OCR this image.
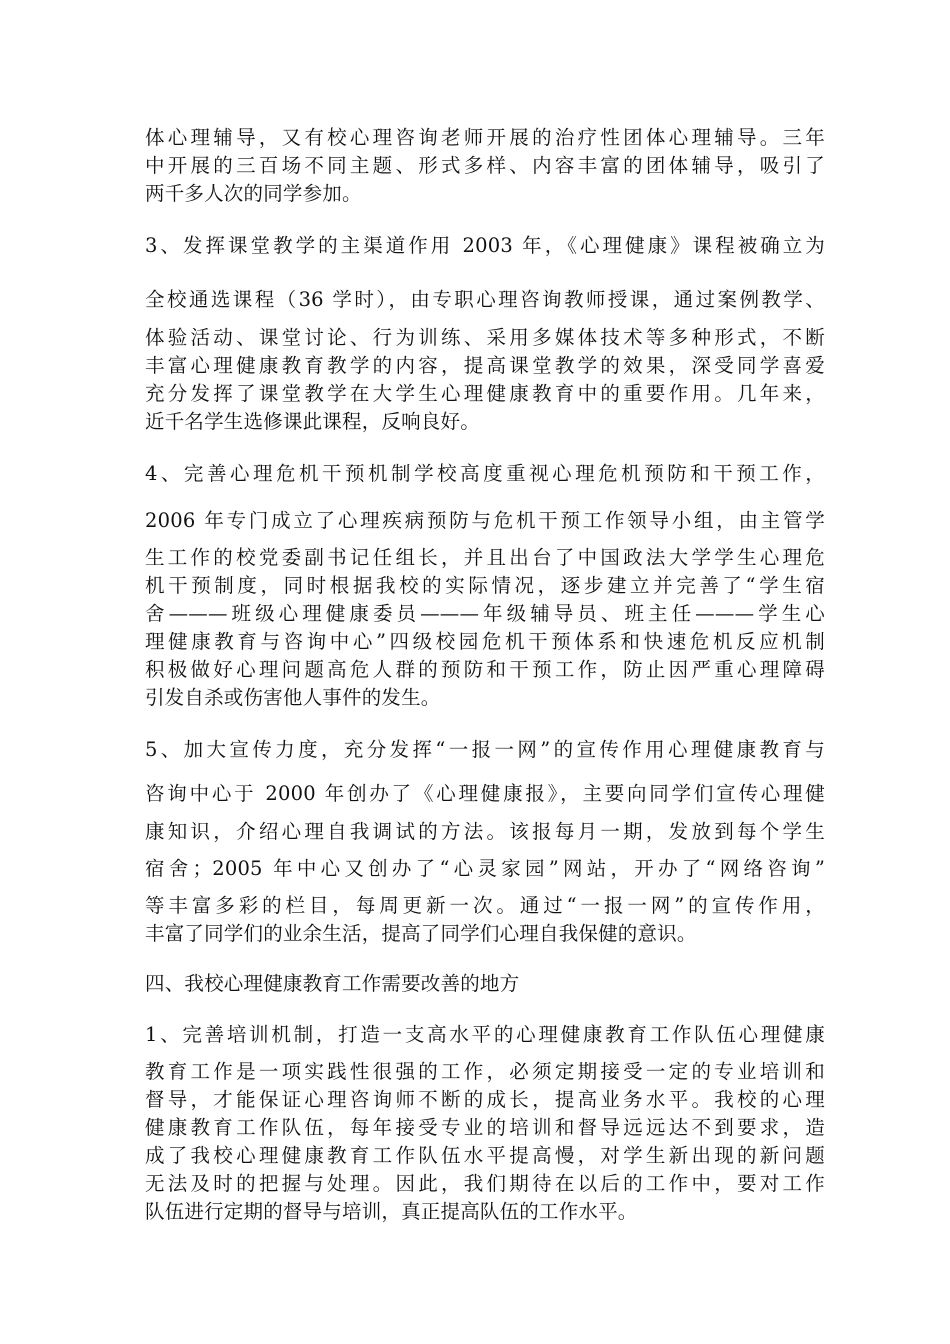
体心理辅导，又有校心理咨询老师开展的治疗性团体心理辅导。三年
中开展的三百场不同主题、形式多样、内容丰富的团体辅导，吸引了
两千多人次的同学参加。
3、发挥课堂教学的主渠道作用 2003 年，《心理健康》课程被确立为
全校通选课程（36 学时），由专职心理咨询教师授课，通过案例教学、
体验活动、课堂讨论、行为训练、采用多媒体技术等多种形式，不断
丰富心理健康教育教学的内容，提高课堂教学的效果，深受同学喜爱
充分发挥了课堂教学在大学生心理健康教育中的重要作用。几年来，
近千名学生选修课此课程，反响良好。
4、完善心理危机干预机制学校高度重视心理危机预防和干预工作，
2006 年专门成立了心理疾病预防与危机干预工作领导小组，由主管学
生工作的校党委副书记任组长，并且出台了中国政法大学学生心理危
机干预制度，同时根据我校的实际情况，逐步建立并完善了“学生宿
舍———班级心理健康委员———年级辅导员、班主任———学生心
理健康教育与咨询中心”四级校园危机干预体系和快速危机反应机制
积极做好心理问题高危人群的预防和干预工作，防止因严重心理障碍
引发自杀或伤害他人事件的发生。
5、加大宣传力度，充分发挥“一报一网”的宣传作用心理健康教育与
咨询中心于 2000 年创办了《心理健康报》，主要向同学们宣传心理健
康知识，介绍心理自我调试的方法。该报每月一期，发放到每个学生
宿舍；2005 年中心又创办了“心灵家园”网站，开办了“网络咨询”
等丰富多彩的栏目，每周更新一次。通过“一报一网”的宣传作用，
丰富了同学们的业余生活，提高了同学们心理自我保健的意识。
四、我校心理健康教育工作需要改善的地方
1、完善培训机制，打造一支高水平的心理健康教育工作队伍心理健康
教育工作是一项实践性很强的工作，必须定期接受一定的专业培训和
督导，才能保证心理咨询师不断的成长，提高业务水平。我校的心理
健康教育工作队伍，每年接受专业的培训和督导远远达不到要求，造
成了我校心理健康教育工作队伍水平提高慢，对学生新出现的新问题
无法及时的把握与处理。因此，我们期待在以后的工作中，要对工作
队伍进行定期的督导与培训，真正提高队伍的工作水平。
